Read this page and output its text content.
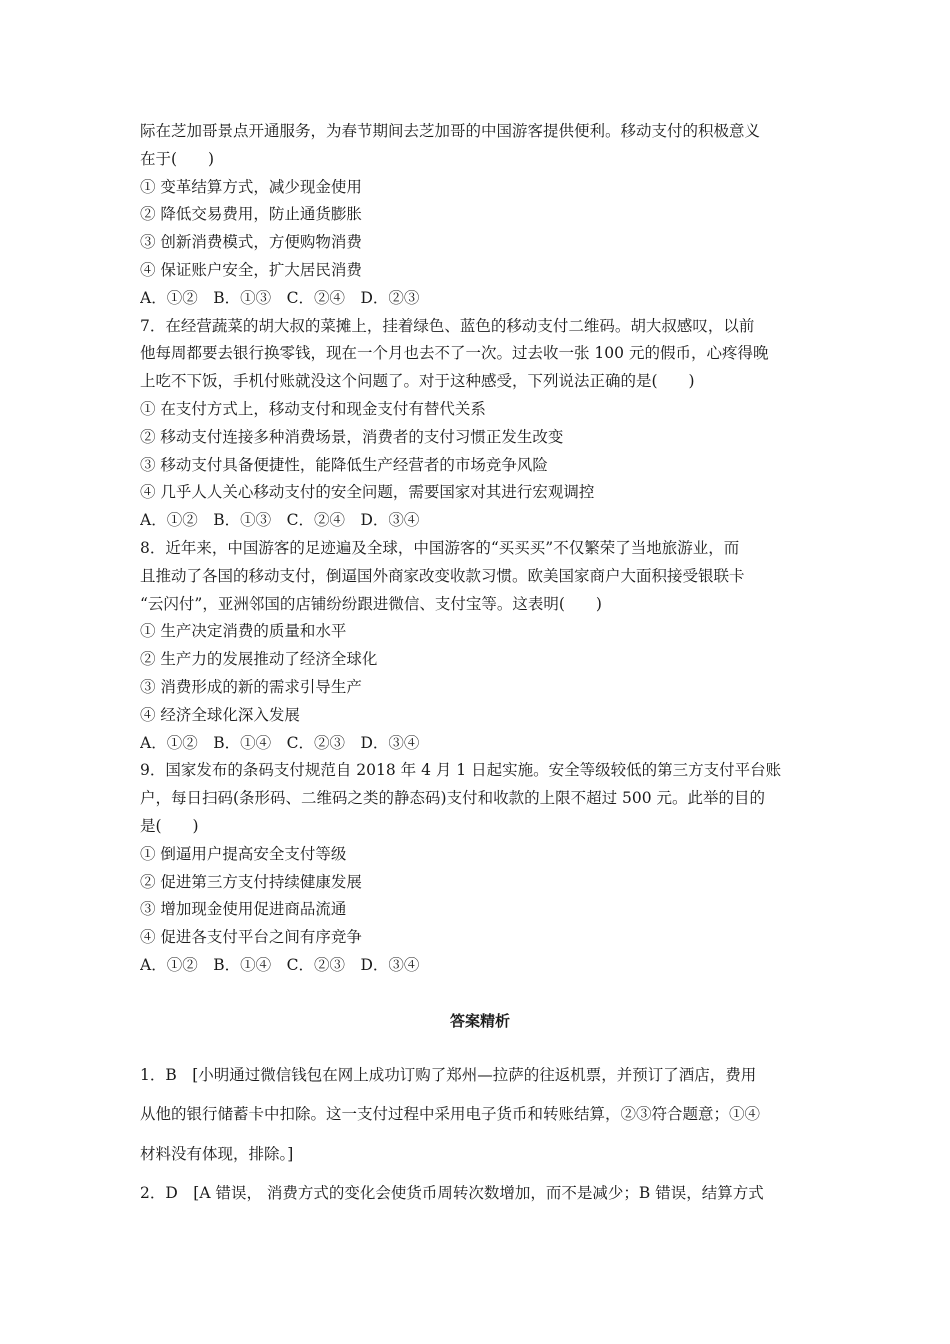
际在芝加哥景点开通服务，为春节期间去芝加哥的中国游客提供便利。移动支付的积极意义
在于(　　)
① 变革结算方式，减少现金使用
② 降低交易费用，防止通货膨胀
③ 创新消费模式，方便购物消费
④ 保证账户安全，扩大居民消费
A．①②　B．①③　C．②④　D．②③
7．在经营蔬菜的胡大叔的菜摊上，挂着绿色、蓝色的移动支付二维码。胡大叔感叹，以前
他每周都要去银行换零钱，现在一个月也去不了一次。过去收一张 100 元的假币，心疼得晚
上吃不下饭，手机付账就没这个问题了。对于这种感受，下列说法正确的是(　　)
① 在支付方式上，移动支付和现金支付有替代关系
② 移动支付连接多种消费场景，消费者的支付习惯正发生改变
③ 移动支付具备便捷性，能降低生产经营者的市场竞争风险
④ 几乎人人关心移动支付的安全问题，需要国家对其进行宏观调控
A．①②　B．①③　C．②④　D．③④
8．近年来，中国游客的足迹遍及全球，中国游客的“买买买”不仅繁荣了当地旅游业，而
且推动了各国的移动支付，倒逼国外商家改变收款习惯。欧美国家商户大面积接受银联卡
“云闪付”，亚洲邻国的店铺纷纷跟进微信、支付宝等。这表明(　　)
① 生产决定消费的质量和水平
② 生产力的发展推动了经济全球化
③ 消费形成的新的需求引导生产
④ 经济全球化深入发展
A．①②　B．①④　C．②③　D．③④
9．国家发布的条码支付规范自 2018 年 4 月 1 日起实施。安全等级较低的第三方支付平台账
户，每日扫码(条形码、二维码之类的静态码)支付和收款的上限不超过 500 元。此举的目的
是(　　)
① 倒逼用户提高安全支付等级
② 促进第三方支付持续健康发展
③ 增加现金使用促进商品流通
④ 促进各支付平台之间有序竞争
A．①②　B．①④　C．②③　D．③④
答案精析
1．B　[小明通过微信钱包在网上成功订购了郑州—拉萨的往返机票，并预订了酒店，费用
从他的银行储蓄卡中扣除。这一支付过程中采用电子货币和转账结算，②③符合题意；①④
材料没有体现，排除。]
2．D　[A 错误， 消费方式的变化会使货币周转次数增加，而不是减少；B 错误，结算方式
